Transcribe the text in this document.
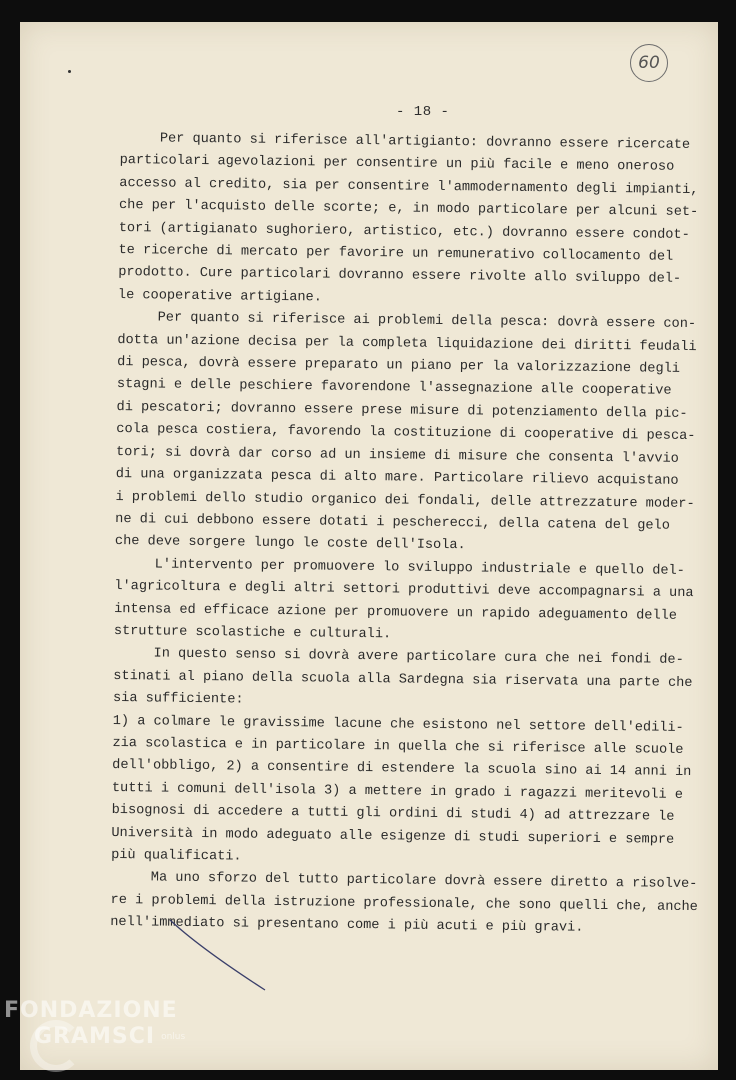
60
- 18 -
Per quanto si riferisce all'artigianto: dovranno essere ricercate
particolari agevolazioni per consentire un più facile e meno oneroso
accesso al credito, sia per consentire l'ammodernamento degli impianti,
che per l'acquisto delle scorte; e, in modo particolare per alcuni set-
tori (artigianato sughoriero, artistico, etc.) dovranno essere condot-
te ricerche di mercato per favorire un remunerativo collocamento del
prodotto. Cure particolari dovranno essere rivolte allo sviluppo del-
le cooperative artigiane.
Per quanto si riferisce ai problemi della pesca: dovrà essere con-
dotta un'azione decisa per la completa liquidazione dei diritti feudali
di pesca, dovrà essere preparato un piano per la valorizzazione degli
stagni e delle peschiere favorendone l'assegnazione alle cooperative
di pescatori; dovranno essere prese misure di potenziamento della pic-
cola pesca costiera, favorendo la costituzione di cooperative di pesca-
tori; si dovrà dar corso ad un insieme di misure che consenta l'avvio
di una organizzata pesca di alto mare. Particolare rilievo acquistano
i problemi dello studio organico dei fondali, delle attrezzature moder-
ne di cui debbono essere dotati i pescherecci, della catena del gelo
che deve sorgere lungo le coste dell'Isola.
L'intervento per promuovere lo sviluppo industriale e quello del-
l'agricoltura e degli altri settori produttivi deve accompagnarsi a una
intensa ed efficace azione per promuovere un rapido adeguamento delle
strutture scolastiche e culturali.
In questo senso si dovrà avere particolare cura che nei fondi de-
stinati al piano della scuola alla Sardegna sia riservata una parte che
sia sufficiente:
1) a colmare le gravissime lacune che esistono nel settore dell'edili-
zia scolastica e in particolare in quella che si riferisce alle scuole
dell'obbligo, 2) a consentire di estendere la scuola sino ai 14 anni in
tutti i comuni dell'isola 3) a mettere in grado i ragazzi meritevoli e
bisognosi di accedere a tutti gli ordini di studi 4) ad attrezzare le
Università in modo adeguato alle esigenze di studi superiori e sempre
più qualificati.
Ma uno sforzo del tutto particolare dovrà essere diretto a risolve-
re i problemi della istruzione professionale, che sono quelli che, anche
nell'immediato si presentano come i più acuti e più gravi.
FONDAZIONE
GRAMSCI onlus
